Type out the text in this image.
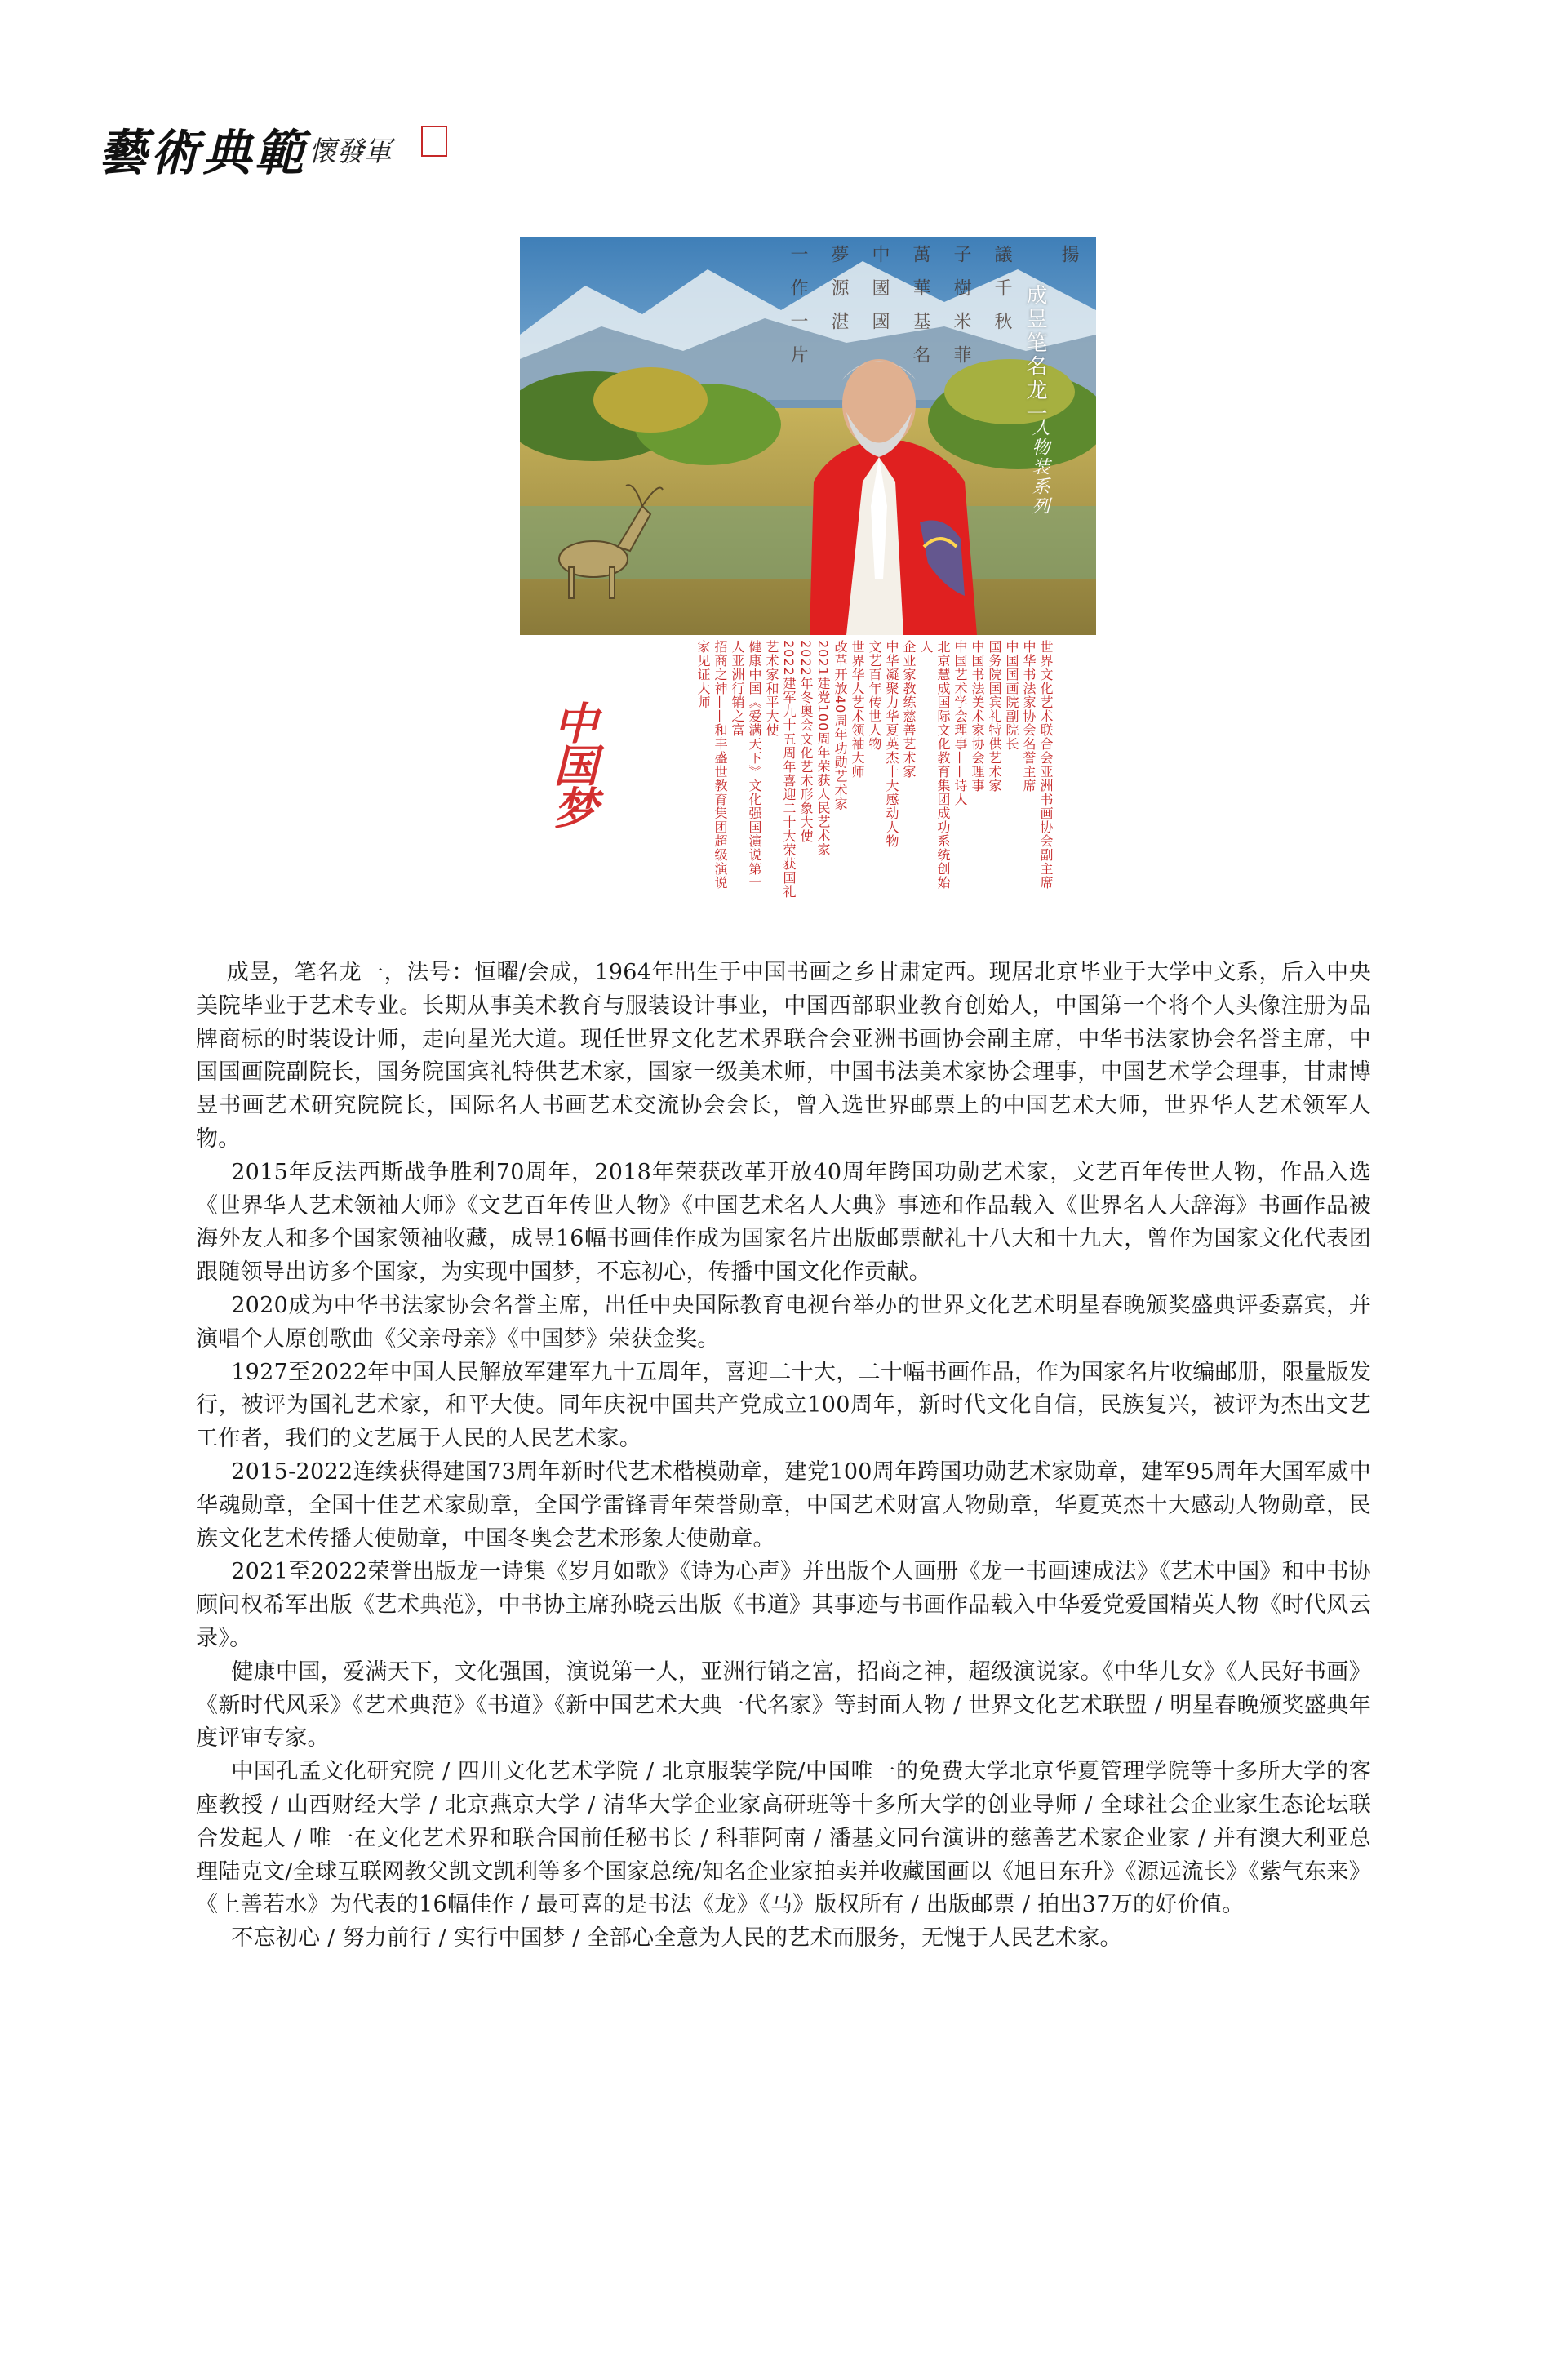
藝術典範 懷發軍
揚
議 千 秋
子 樹 米 菲
萬 華 基 名
中 國 國
夢 源 湛
一 作 一 片	成昱笔名龙一
人物装系列
中国梦	世界文化艺术联合会亚洲书画协会副主席
中华书法家协会名誉主席
中国国画院副院长
国务院国宾礼特供艺术家
中国书法美术家协会理事
中国艺术学会理事——诗人
北京慧成国际文化教育集团成功系统创始人
企业家教练慈善艺术家
中华凝聚力华夏英杰十大感动人物
文艺百年传世人物
世界华人艺术领袖大师
改革开放40周年功勋艺术家
2021建党100周年荣获人民艺术家
2022年冬奥会文化艺术形象大使
2022建军九十五周年喜迎二十大荣获国礼艺术家和平大使
健康中国《爱满天下》文化强国演说第一人亚洲行销之富
招商之神——和丰盛世教育集团超级演说家见证大师

成昱，笔名龙一，法号：恒曜/会成，1964年出生于中国书画之乡甘肃定西。现居北京毕业于大学中文系，后入中央美院毕业于艺术专业。长期从事美术教育与服装设计事业，中国西部职业教育创始人，中国第一个将个人头像注册为品牌商标的时装设计师，走向星光大道。现任世界文化艺术界联合会亚洲书画协会副主席，中华书法家协会名誉主席，中国国画院副院长，国务院国宾礼特供艺术家，国家一级美术师，中国书法美术家协会理事，中国艺术学会理事，甘肃博昱书画艺术研究院院长，国际名人书画艺术交流协会会长，曾入选世界邮票上的中国艺术大师，世界华人艺术领军人物。

2015年反法西斯战争胜利70周年，2018年荣获改革开放40周年跨国功勋艺术家，文艺百年传世人物，作品入选《世界华人艺术领袖大师》《文艺百年传世人物》《中国艺术名人大典》事迹和作品载入《世界名人大辞海》书画作品被海外友人和多个国家领袖收藏，成昱16幅书画佳作成为国家名片出版邮票献礼十八大和十九大，曾作为国家文化代表团跟随领导出访多个国家，为实现中国梦，不忘初心，传播中国文化作贡献。

2020成为中华书法家协会名誉主席，出任中央国际教育电视台举办的世界文化艺术明星春晚颁奖盛典评委嘉宾，并演唱个人原创歌曲《父亲母亲》《中国梦》荣获金奖。

1927至2022年中国人民解放军建军九十五周年，喜迎二十大，二十幅书画作品，作为国家名片收编邮册，限量版发行，被评为国礼艺术家，和平大使。同年庆祝中国共产党成立100周年，新时代文化自信，民族复兴，被评为杰出文艺工作者，我们的文艺属于人民的人民艺术家。

2015-2022连续获得建国73周年新时代艺术楷模勋章，建党100周年跨国功勋艺术家勋章，建军95周年大国军威中华魂勋章，全国十佳艺术家勋章，全国学雷锋青年荣誉勋章，中国艺术财富人物勋章，华夏英杰十大感动人物勋章，民族文化艺术传播大使勋章，中国冬奥会艺术形象大使勋章。

2021至2022荣誉出版龙一诗集《岁月如歌》《诗为心声》并出版个人画册《龙一书画速成法》《艺术中国》和中书协顾问权希军出版《艺术典范》，中书协主席孙晓云出版《书道》其事迹与书画作品载入中华爱党爱国精英人物《时代风云录》。

健康中国，爱满天下，文化强国，演说第一人，亚洲行销之富，招商之神，超级演说家。《中华儿女》《人民好书画》《新时代风采》《艺术典范》《书道》《新中国艺术大典一代名家》等封面人物 / 世界文化艺术联盟 / 明星春晚颁奖盛典年度评审专家。

中国孔孟文化研究院 / 四川文化艺术学院 / 北京服装学院/中国唯一的免费大学北京华夏管理学院等十多所大学的客座教授 / 山西财经大学 / 北京燕京大学 / 清华大学企业家高研班等十多所大学的创业导师 / 全球社会企业家生态论坛联合发起人 / 唯一在文化艺术界和联合国前任秘书长 / 科菲阿南 / 潘基文同台演讲的慈善艺术家企业家 / 并有澳大利亚总理陆克文/全球互联网教父凯文凯利等多个国家总统/知名企业家拍卖并收藏国画以《旭日东升》《源远流长》《紫气东来》《上善若水》为代表的16幅佳作 / 最可喜的是书法《龙》《马》版权所有 / 出版邮票 / 拍出37万的好价值。

不忘初心 / 努力前行 / 实行中国梦 / 全部心全意为人民的艺术而服务，无愧于人民艺术家。
